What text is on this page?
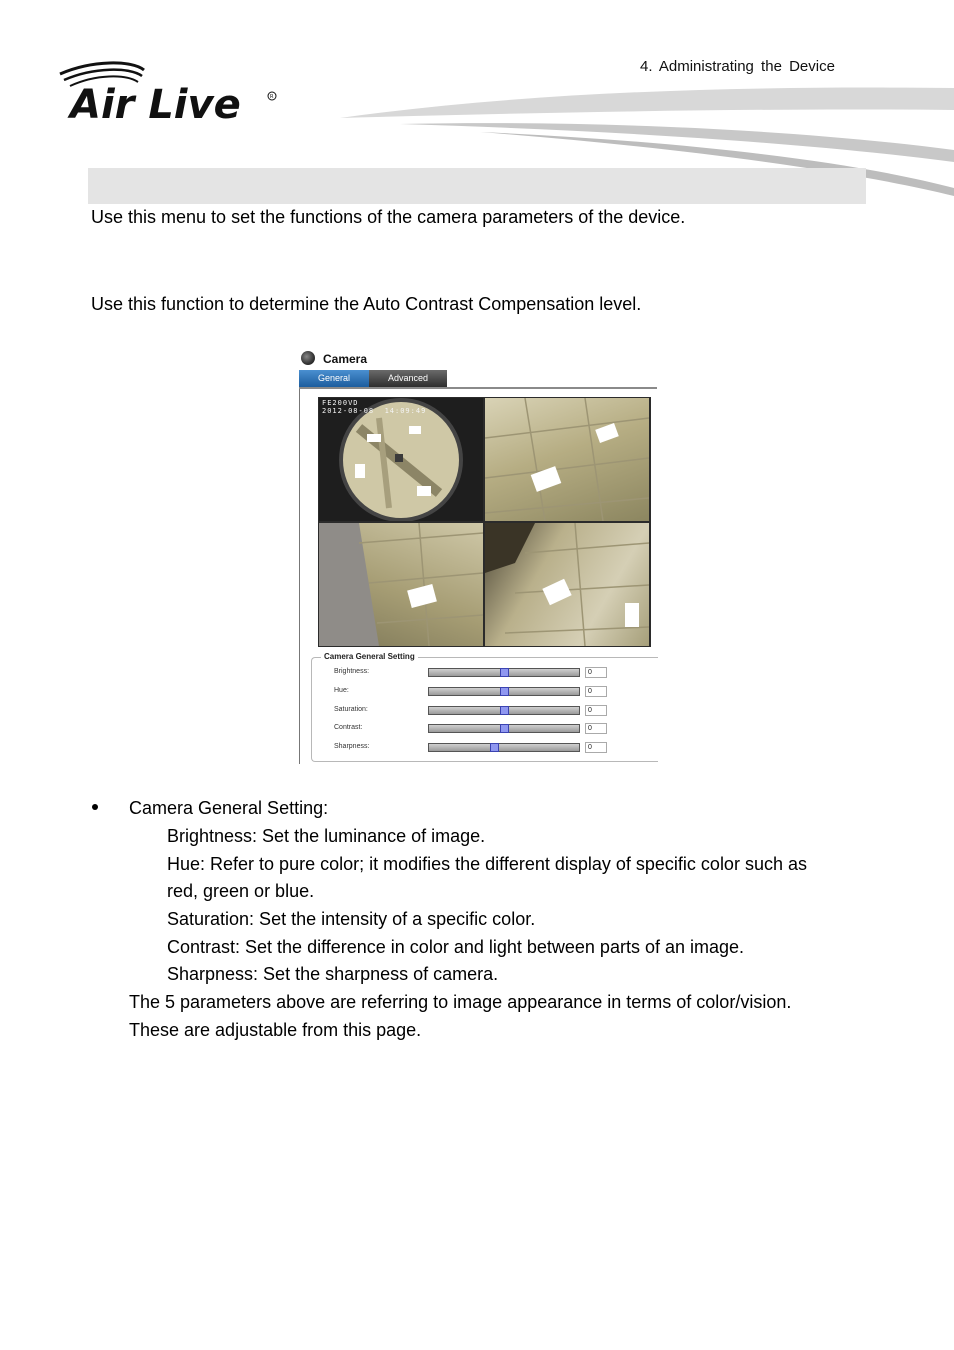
4. Administrating the Device
Air Live	R
Use this menu to set the functions of the camera parameters of the device.
Use this function to determine the Auto Contrast Compensation level.
Camera
General	Advanced
FE200VD
2012-08-08  14:09:49
Camera General Setting
Brightness:	0
Hue:	0
Saturation:	0
Contrast:	0
Sharpness:	0
Camera General Setting:
Brightness: Set the luminance of image.
Hue: Refer to pure color; it modifies the different display of specific color such as
red, green or blue.
Saturation: Set the intensity of a specific color.
Contrast: Set the difference in color and light between parts of an image.
Sharpness: Set the sharpness of camera.
The 5 parameters above are referring to image appearance in terms of color/vision.
These are adjustable from this page.
